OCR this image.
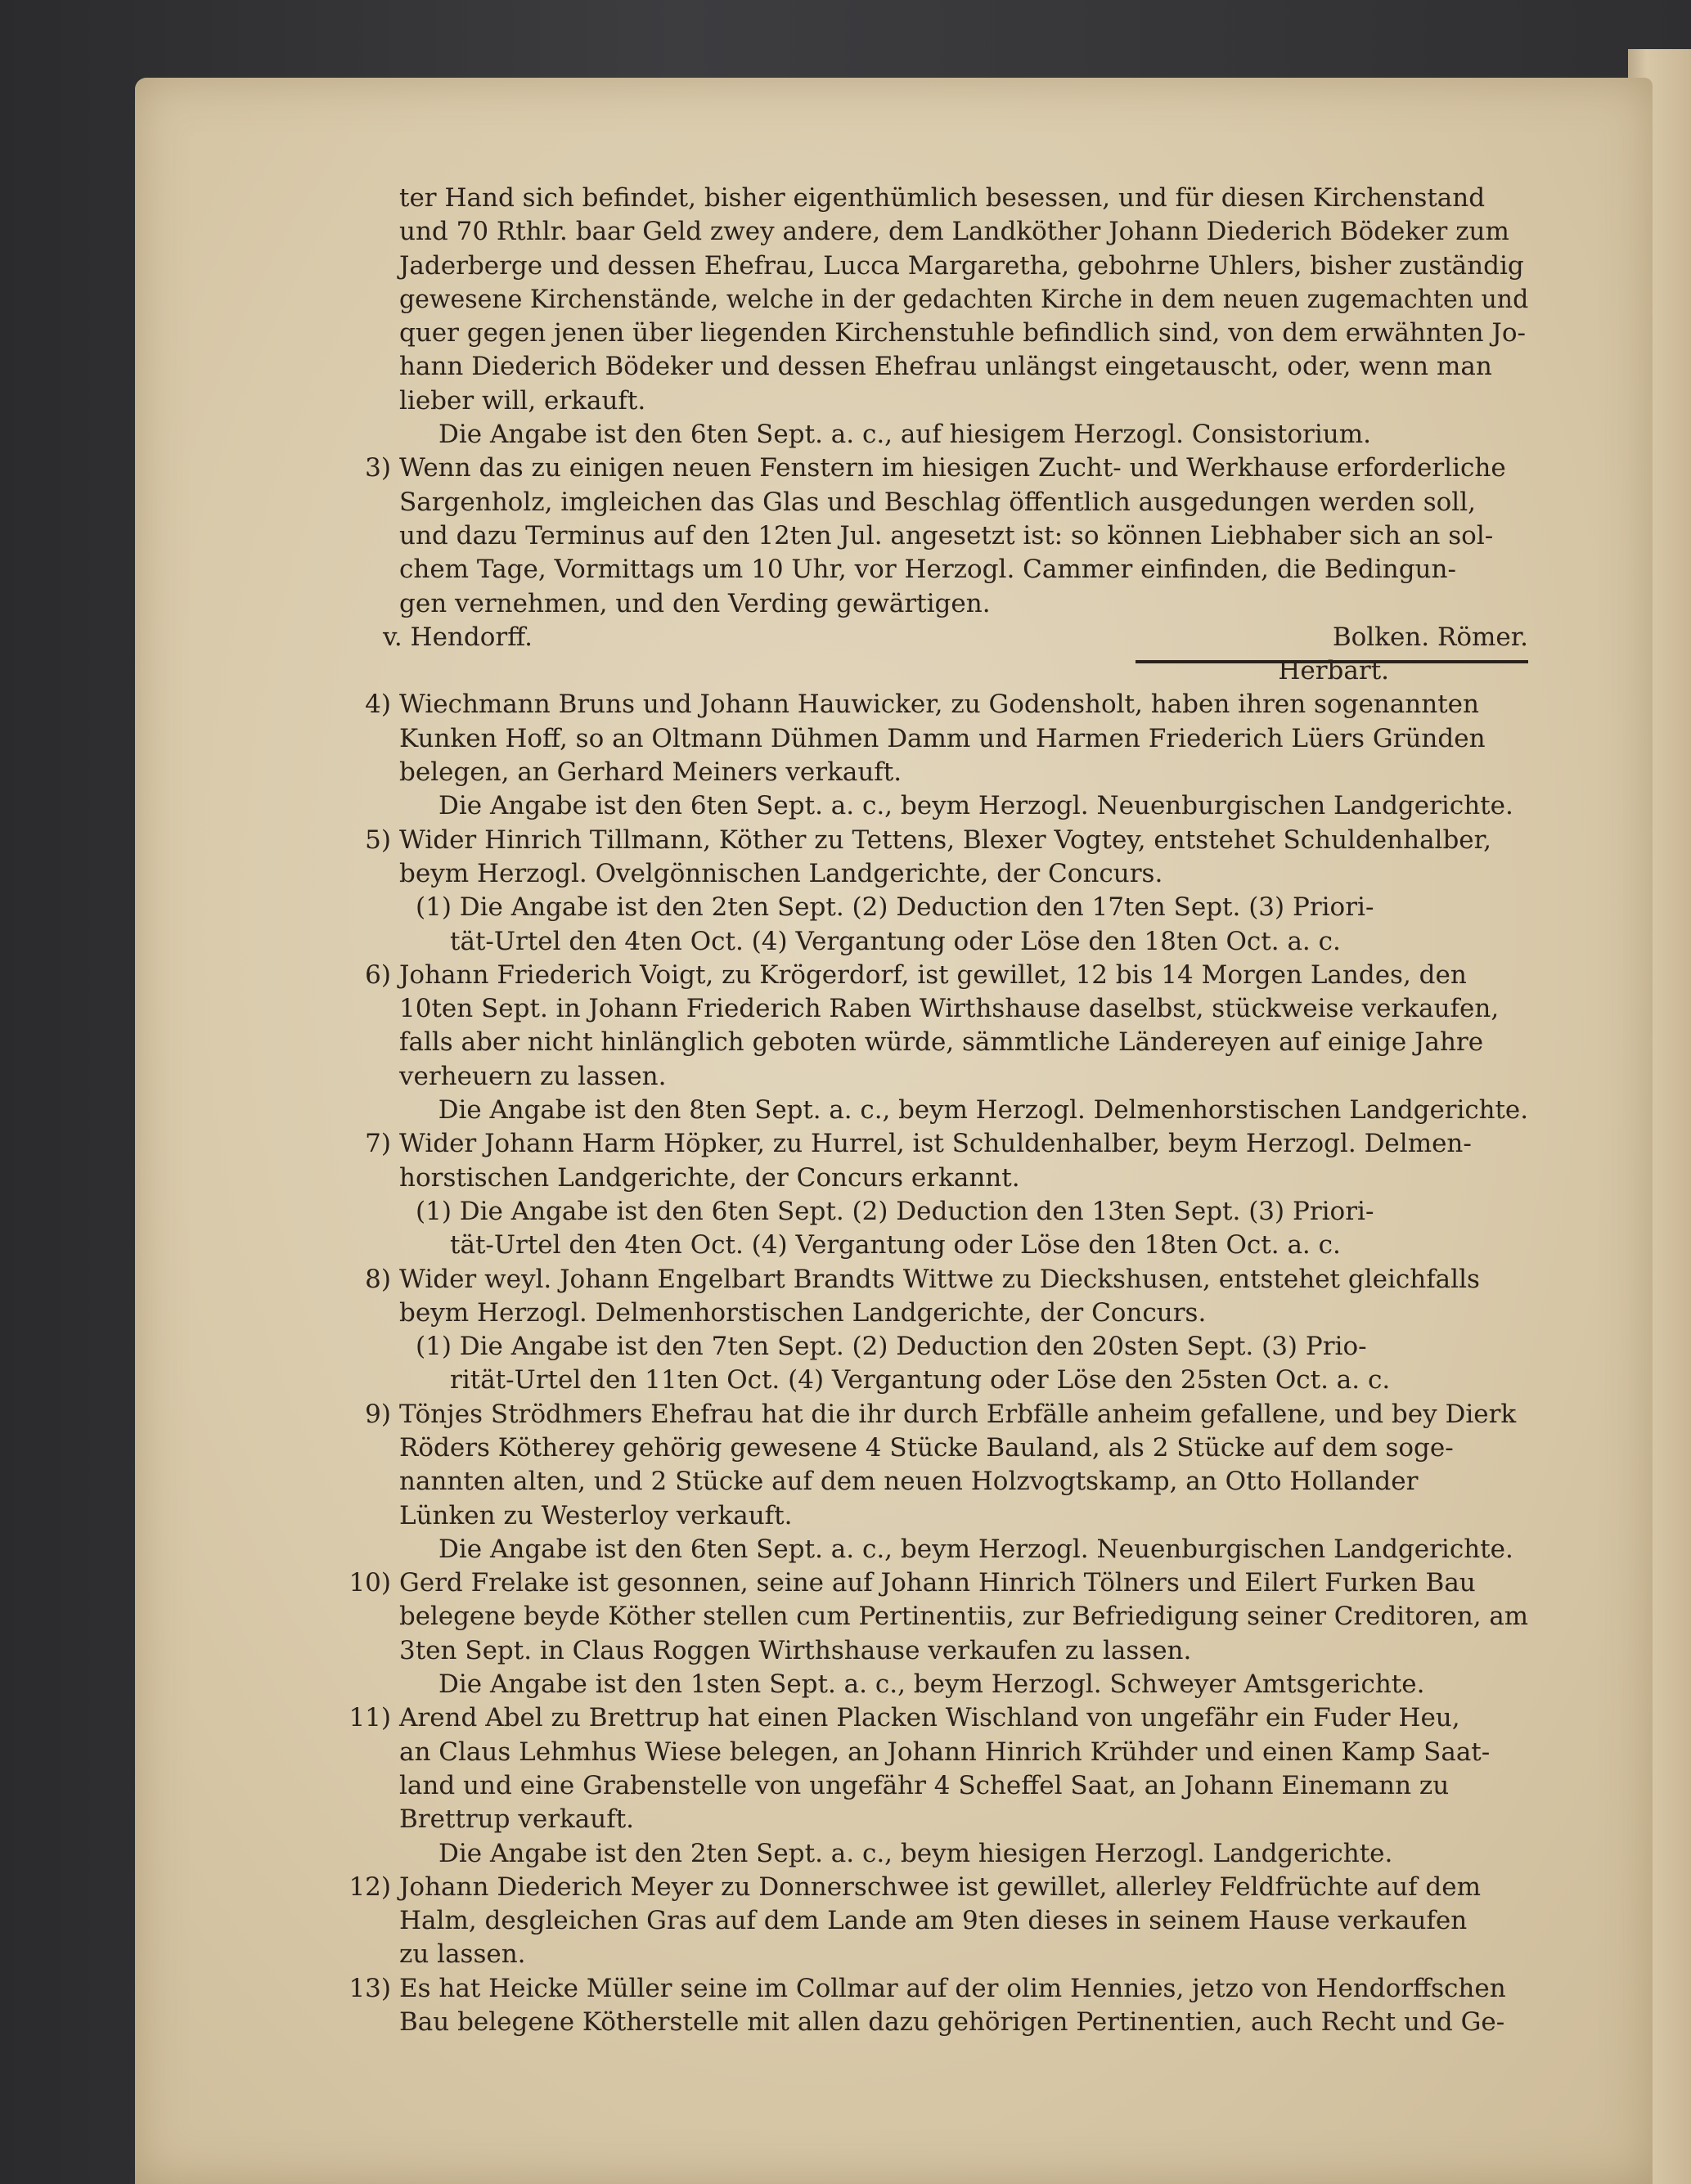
ter Hand sich befindet, bisher eigenthümlich besessen, und für diesen Kirchenstand
und 70 Rthlr. baar Geld zwey andere, dem Landköther Johann Diederich Bödeker zum
Jaderberge und dessen Ehefrau, Lucca Margaretha, gebohrne Uhlers, bisher zuständig
gewesene Kirchenstände, welche in der gedachten Kirche in dem neuen zugemachten und
quer gegen jenen über liegenden Kirchenstuhle befindlich sind, von dem erwähnten Jo-
hann Diederich Bödeker und dessen Ehefrau unlängst eingetauscht, oder, wenn man
lieber will, erkauft.
Die Angabe ist den 6ten Sept. a. c., auf hiesigem Herzogl. Consistorium.
3) Wenn das zu einigen neuen Fenstern im hiesigen Zucht- und Werkhause erforderliche
Sargenholz, imgleichen das Glas und Beschlag öffentlich ausgedungen werden soll,
und dazu Terminus auf den 12ten Jul. angesetzt ist: so können Liebhaber sich an sol-
chem Tage, Vormittags um 10 Uhr, vor Herzogl. Cammer einfinden, die Bedingun-
gen vernehmen, und den Verding gewärtigen.
v. Hendorff.	Bolken. Römer.
Herbart.
4) Wiechmann Bruns und Johann Hauwicker, zu Godensholt, haben ihren sogenannten
Kunken Hoff, so an Oltmann Dühmen Damm und Harmen Friederich Lüers Gründen
belegen, an Gerhard Meiners verkauft.
Die Angabe ist den 6ten Sept. a. c., beym Herzogl. Neuenburgischen Landgerichte.
5) Wider Hinrich Tillmann, Köther zu Tettens, Blexer Vogtey, entstehet Schuldenhalber,
beym Herzogl. Ovelgönnischen Landgerichte, der Concurs.
(1) Die Angabe ist den 2ten Sept. (2) Deduction den 17ten Sept. (3) Priori-
tät-Urtel den 4ten Oct. (4) Vergantung oder Löse den 18ten Oct. a. c.
6) Johann Friederich Voigt, zu Krögerdorf, ist gewillet, 12 bis 14 Morgen Landes, den
10ten Sept. in Johann Friederich Raben Wirthshause daselbst, stückweise verkaufen,
falls aber nicht hinlänglich geboten würde, sämmtliche Ländereyen auf einige Jahre
verheuern zu lassen.
Die Angabe ist den 8ten Sept. a. c., beym Herzogl. Delmenhorstischen Landgerichte.
7) Wider Johann Harm Höpker, zu Hurrel, ist Schuldenhalber, beym Herzogl. Delmen-
horstischen Landgerichte, der Concurs erkannt.
(1) Die Angabe ist den 6ten Sept. (2) Deduction den 13ten Sept. (3) Priori-
tät-Urtel den 4ten Oct. (4) Vergantung oder Löse den 18ten Oct. a. c.
8) Wider weyl. Johann Engelbart Brandts Wittwe zu Dieckshusen, entstehet gleichfalls
beym Herzogl. Delmenhorstischen Landgerichte, der Concurs.
(1) Die Angabe ist den 7ten Sept. (2) Deduction den 20sten Sept. (3) Prio-
rität-Urtel den 11ten Oct. (4) Vergantung oder Löse den 25sten Oct. a. c.
9) Tönjes Strödhmers Ehefrau hat die ihr durch Erbfälle anheim gefallene, und bey Dierk
Röders Kötherey gehörig gewesene 4 Stücke Bauland, als 2 Stücke auf dem soge-
nannten alten, und 2 Stücke auf dem neuen Holzvogtskamp, an Otto Hollander
Lünken zu Westerloy verkauft.
Die Angabe ist den 6ten Sept. a. c., beym Herzogl. Neuenburgischen Landgerichte.
10) Gerd Frelake ist gesonnen, seine auf Johann Hinrich Tölners und Eilert Furken Bau
belegene beyde Köther stellen cum Pertinentiis, zur Befriedigung seiner Creditoren, am
3ten Sept. in Claus Roggen Wirthshause verkaufen zu lassen.
Die Angabe ist den 1sten Sept. a. c., beym Herzogl. Schweyer Amtsgerichte.
11) Arend Abel zu Brettrup hat einen Placken Wischland von ungefähr ein Fuder Heu,
an Claus Lehmhus Wiese belegen, an Johann Hinrich Krühder und einen Kamp Saat-
land und eine Grabenstelle von ungefähr 4 Scheffel Saat, an Johann Einemann zu
Brettrup verkauft.
Die Angabe ist den 2ten Sept. a. c., beym hiesigen Herzogl. Landgerichte.
12) Johann Diederich Meyer zu Donnerschwee ist gewillet, allerley Feldfrüchte auf dem
Halm, desgleichen Gras auf dem Lande am 9ten dieses in seinem Hause verkaufen
zu lassen.
13) Es hat Heicke Müller seine im Collmar auf der olim Hennies, jetzo von Hendorffschen
Bau belegene Kötherstelle mit allen dazu gehörigen Pertinentien, auch Recht und Ge-
